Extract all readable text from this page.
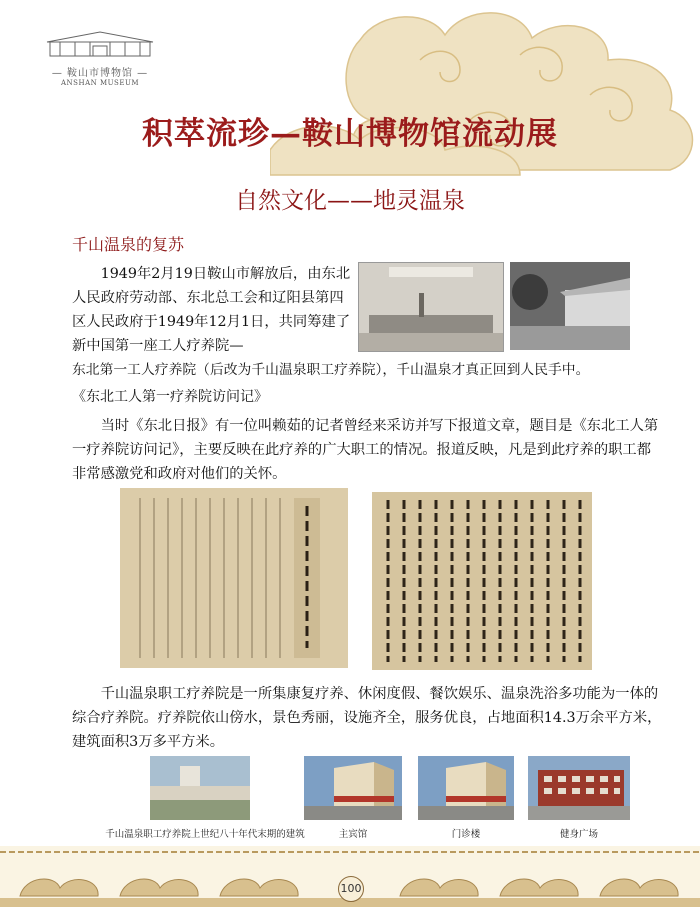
— 鞍山市博物馆 —
ANSHAN MUSEUM
积萃流珍—鞍山博物馆流动展
自然文化——地灵温泉
千山温泉的复苏
1949年2月19日鞍山市解放后，由东北人民政府劳动部、东北总工会和辽阳县第四区人民政府于1949年12月1日，共同筹建了新中国第一座工人疗养院—
东北第一工人疗养院（后改为千山温泉职工疗养院），千山温泉才真正回到人民手中。
《东北工人第一疗养院访问记》
当时《东北日报》有一位叫赖茹的记者曾经来采访并写下报道文章，题目是《东北工人第一疗养院访问记》，主要反映在此疗养的广大职工的情况。报道反映，凡是到此疗养的职工都非常感激党和政府对他们的关怀。
千山温泉职工疗养院是一所集康复疗养、休闲度假、餐饮娱乐、温泉洗浴多功能为一体的综合疗养院。疗养院依山傍水，景色秀丽，设施齐全，服务优良，占地面积14.3万余平方米，建筑面积3万多平方米。
千山温泉职工疗养院上世纪八十年代末期的建筑	主宾馆	门诊楼	健身广场
100
